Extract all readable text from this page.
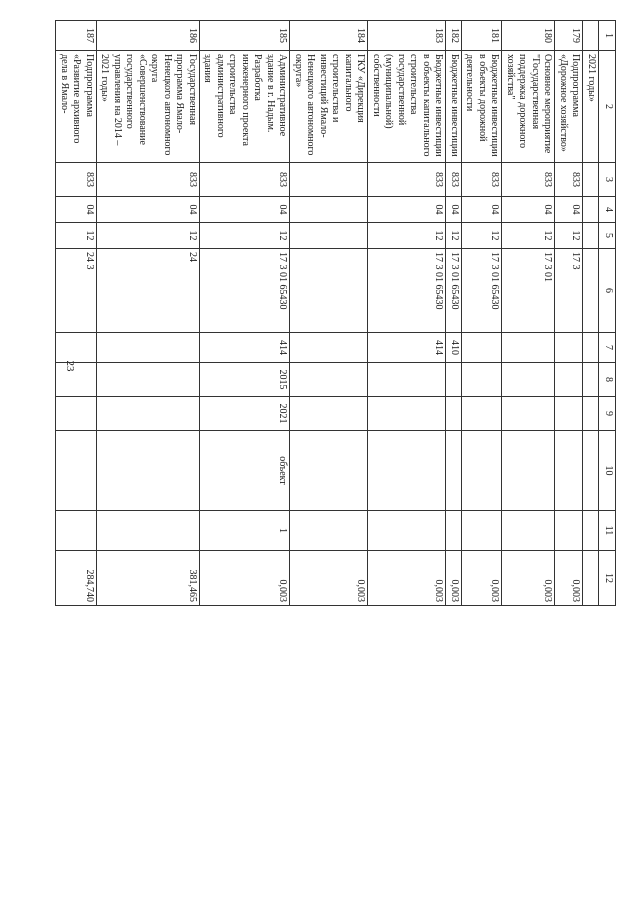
23
1	2	3	4	5	6	7	8	9	10	11	12
	2021 годы»										
179	Подпрограмма «Дорожное хозяйство»	833	04	12	17 3						0,003
180	Основное мероприятие "Государственная поддержка дорожного хозяйства"	833	04	12	17 3 01						0,003
181	Бюджетные инвестиции в объекты дорожной деятельности	833	04	12	17 3 01 65430						0,003
182	Бюджетные инвестиции	833	04	12	17 3 01 65430	410					0,003
183	Бюджетные инвестиции в объекты капитального строительства государственной (муниципальной) собственности	833	04	12	17 3 01 65430	414					0,003
184	ГКУ «Дирекция капитального строительства и инвестиций Ямало-Ненецкого автономного округа»										0,003
185	Административное здание в г. Надым. Разработка инженерного проекта строительства административного здания	833	04	12	17 3 01 65430	414	2015	2021	объект	1	0,003
186	Государственная программа Ямало-Ненецкого автономного округа «Совершенствование государственного управления на 2014 – 2021 годы»	833	04	12	24						381,465
187	Подпрограмма «Развитие архивного дела в Ямало-	833	04	12	24 3						284,740
